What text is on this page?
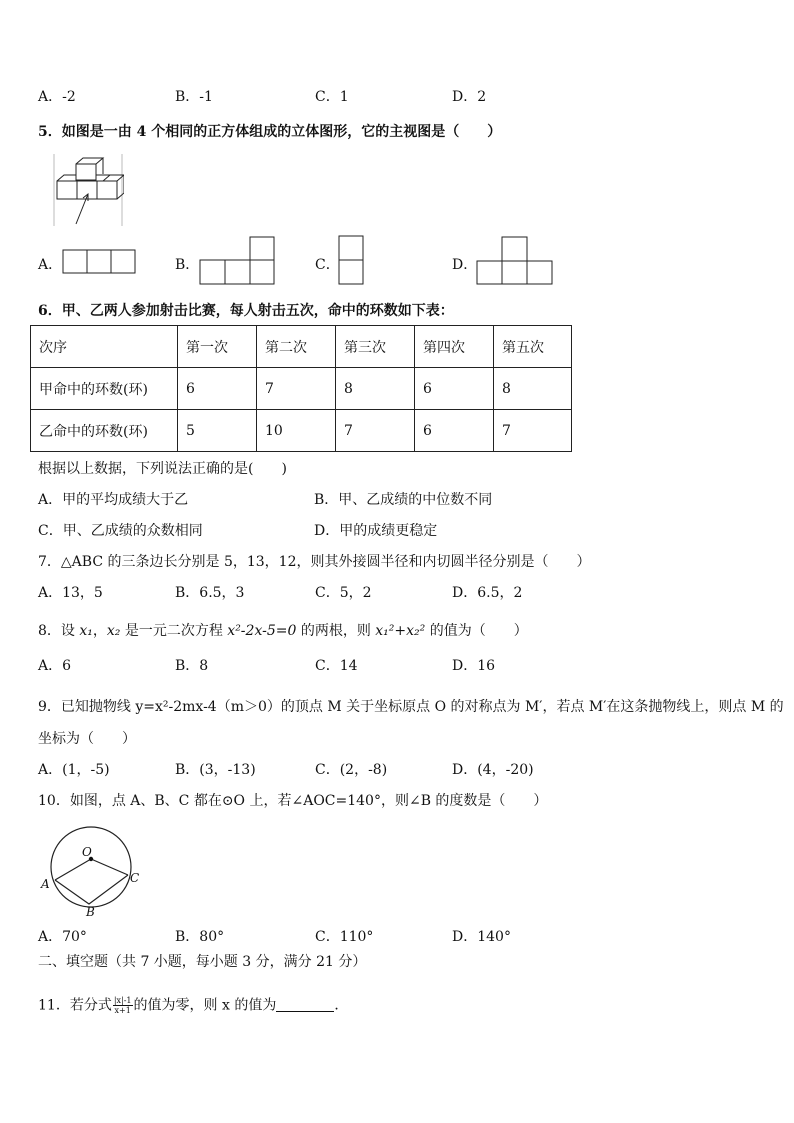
A．-2	B．-1	C．1	D．2
5．如图是一由 4 个相同的正方体组成的立体图形，它的主视图是（　　）
A．	B．	C．	D．
6．甲、乙两人参加射击比赛，每人射击五次，命中的环数如下表：
次序	第一次	第二次	第三次	第四次	第五次
甲命中的环数(环)	6	7	8	6	8
乙命中的环数(环)	5	10	7	6	7
根据以上数据，下列说法正确的是(　　)
A．甲的平均成绩大于乙	B．甲、乙成绩的中位数不同
C．甲、乙成绩的众数相同	D．甲的成绩更稳定
7．△ABC 的三条边长分别是 5，13，12，则其外接圆半径和内切圆半径分别是（　　）
A．13，5	B．6.5，3	C．5，2	D．6.5，2
8．设 x₁，x₂ 是一元二次方程 x²-2x-5=0 的两根，则 x₁²+x₂² 的值为（　　）
A．6	B．8	C．14	D．16
9．已知抛物线 y=x²-2mx-4（m＞0）的顶点 M 关于坐标原点 O 的对称点为 M′，若点 M′在这条抛物线上，则点 M 的
坐标为（　　）
A．(1，-5)	B．(3，-13)	C．(2，-8)	D．(4，-20)
10．如图，点 A、B、C 都在⊙O 上，若∠AOC=140°，则∠B 的度数是（　　）
O
A
B
C
A．70°	B．80°	C．110°	D．140°
二、填空题（共 7 小题，每小题 3 分，满分 21 分）
11．若分式 $\frac{|x|-1}{x+1}$ 的值为零，则 x 的值为	．
